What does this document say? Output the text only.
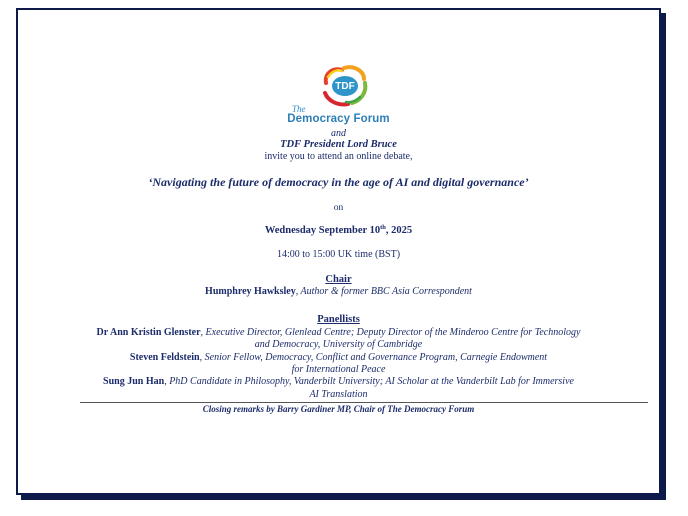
TDF
The
Democracy Forum
and
TDF President Lord Bruce
invite you to attend an online debate,
‘Navigating the future of democracy in the age of AI and digital governance’
on
Wednesday September 10th, 2025
14:00 to 15:00 UK time (BST)
Chair
Humphrey Hawksley, Author & former BBC Asia Correspondent
Panellists
Dr Ann Kristin Glenster, Executive Director, Glenlead Centre; Deputy Director of the Minderoo Centre for Technology
and Democracy, University of Cambridge
Steven Feldstein, Senior Fellow, Democracy, Conflict and Governance Program, Carnegie Endowment
for International Peace
Sung Jun Han, PhD Candidate in Philosophy, Vanderbilt University; AI Scholar at the Vanderbilt Lab for Immersive
AI Translation
Closing remarks by Barry Gardiner MP, Chair of The Democracy Forum
